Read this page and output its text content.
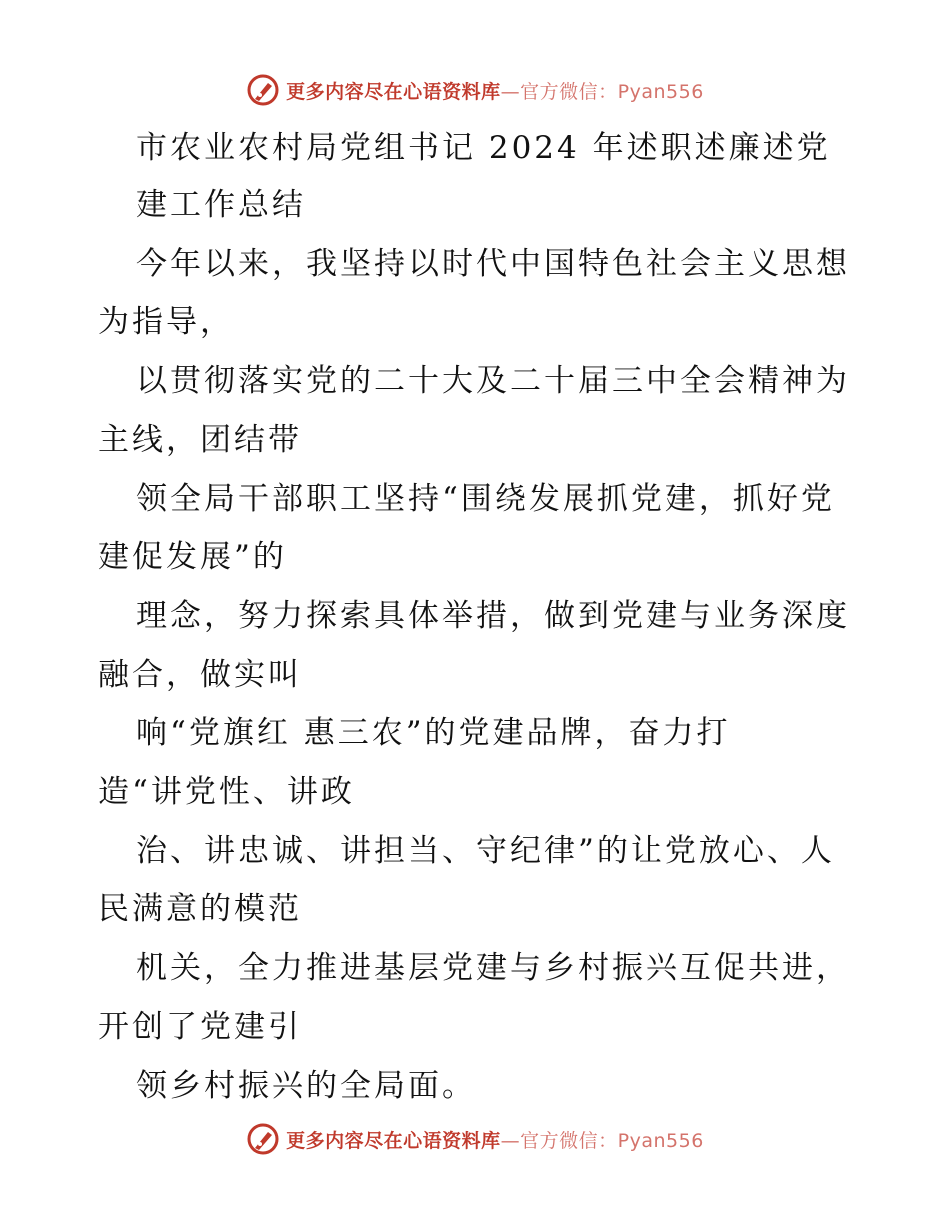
更多内容尽在心语资料库 —官方微信：Pyan556
市农业农村局党组书记 2024 年述职述廉述党
建工作总结
今年以来，我坚持以时代中国特色社会主义思想
为指导，
以贯彻落实党的二十大及二十届三中全会精神为
主线，团结带
领全局干部职工坚持“围绕发展抓党建，抓好党
建促发展”的
理念，努力探索具体举措，做到党建与业务深度
融合，做实叫
响“党旗红 惠三农”的党建品牌，奋力打
造“讲党性、讲政
治、讲忠诚、讲担当、守纪律”的让党放心、人
民满意的模范
机关，全力推进基层党建与乡村振兴互促共进，
开创了党建引
领乡村振兴的全局面。
更多内容尽在心语资料库 —官方微信：Pyan556
